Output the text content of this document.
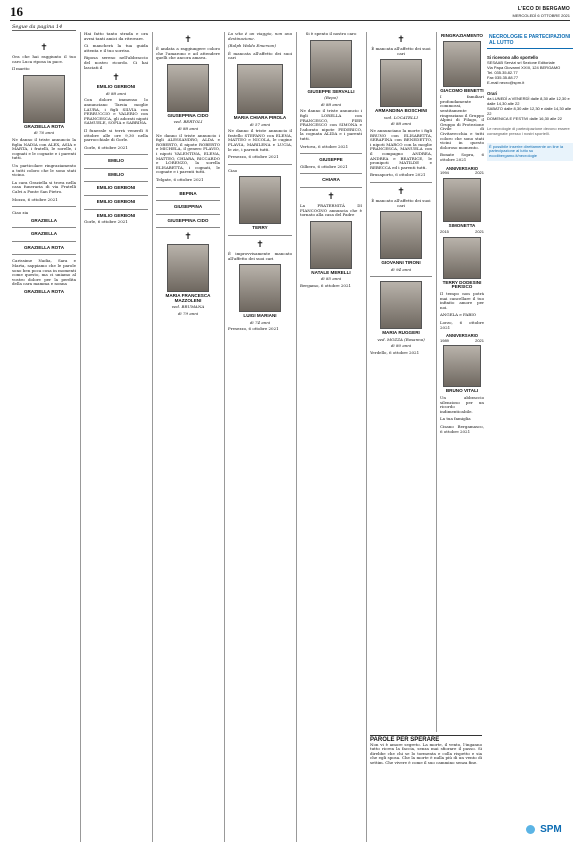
16	L'ECO DI BERGAMO
MERCOLEDÌ 6 OTTOBRE 2021
Segue da pagina 14
✝

Ora che hai raggiunto il tuo caro Luca riposa in pace.

Il marito

GRAZIELLA ROTA
di 76 anni

Ne danno il triste annuncio la figlia NADIA con ALEX, ASIA e MARTA, i fratelli, le sorelle, i cognati e le cognate e i parenti tutti.

Un particolare ringraziamento a tutti coloro che le sono stati vicino.

La cara Graziella si trova nella casa funeraria di via Fratelli Calvi a Ponte San Pietro.

Mozzo, 6 ottobre 2021

Ciao zia

GRAZIELLA
GRAZIELLA
GRAZIELLA ROTA

Carissime Nadia, Sara e Marta, sappiamo che le parole sono ben poca cosa in momenti come questo, ma ci uniamo al vostro dolore per la perdita della cara mamma e nonna

GRAZIELLA ROTA

Hai fatto tanto strada e ora avrai tanti amici da ritrovare.

Ci mancherà la tua guida attenta e il tuo sorriso.

Riposa sereno nell'abbraccio del nostro ricordo. Ci hai lasciati il

✝
EMILIO GERBONI
di 88 anni

Con dolore immenso lo annunciano Tarsia moglie LAURA, i figli SILVIA con FERRUCCIO e VALERIO con FRANCESCA, gli adorati nipoti SAMUELE, SOFIA e SABRINA.

Il funerale si terrà venerdì 8 ottobre alle ore 9,30 nella parrocchiale di Gorle.

Gorle, 6 ottobre 2021

EMILIO
EMILIO
EMILIO GERBONI
EMILIO GERBONI
EMILIO GERBONI

Gorle, 6 ottobre 2021

✝

È andata a raggiungere coloro che l'amarono e ad attendere quelli che ancora amava.

GIUSEPPINA CIDO
ved. BERTOLI
di 88 anni

Ne danno il triste annuncio i figli ALESSANDRO, ALDA e ROBERTO, il nipote ROBERTO e MICHELA, il genero FLAVIO, i nipoti VALENTINA, ELENA, MATTEO, CHIARA, RICCARDO e LORENZO, la sorella ELISABETTA, i cognati, le cognate e i parenti tutti.

Telgate, 6 ottobre 2021

BEPINA
GIUSEPPINA
GIUSEPPINA CIDO
✝
MARIA FRANCESCA MAZZOLENI
ved. BRUMANA
di 79 anni

La vita è un viaggio, non una destinazione.

(Ralph Waldo Emerson)

È mancata all'affetto dei suoi cari

MARIA CHIARA PIROLA
di 57 anni

Ne danno il triste annuncio il fratello STEFANO con ELENA, MATTEO e NICOLA, le cugine FLAVIA, MARILENA e LUCIA, le zie, i parenti tutti.

Presezzo, 6 ottobre 2021

Ciao

TERRY
✝

È improvvisamente mancato all'affetto dei suoi cari

LUIGI MARIANI
di 74 anni

Presezzo, 6 ottobre 2021

Si è spento il nostro caro

GIUSEPPE SERVALLI
(Bepo)
di 88 anni

Ne danno il triste annuncio i figli LORELLA con FRANCESCO, PIER FRANCESCO con SIMONA e l'adorato nipote FEDERICO, la cognata ALIDA e i parenti tutti.

Vertova, 6 ottobre 2021

GIUSEPPE

Gilbero, 6 ottobre 2021

CHIARA
✝

La FRATERNITÀ DI FIANCOGNO annuncia che è tornato alla casa del Padre

NATALE MERELLI
di 85 anni

Bergamo, 6 ottobre 2021

✝

È mancata all'affetto dei suoi cari

ARMANDINA BOSCHINI
ved. LOCATELLI
di 88 anni

Ne annunciano la morte i figli BRUNO con ELISABETTA, SERAFINA con BENEDETTO, i nipoti MARCO con la moglie FRANCESCA, MANUELA con il compagno ANDREA, ANDREA e BEATRICE, le pronipoti MATILDE e REBECCA ed i parenti tutti.

Brusaporto, 6 ottobre 2021

✝

È mancato all'affetto dei suoi cari

GIOVANNI TIRONI
di 94 anni
MARIA RUGGERI
ved. MOZZA (Rosanna)
di 80 anni

Yerdello, 6 ottobre 2021

PAROLE PER SPERARE

Non vi è amore segreto. La morte, il vento, l'inganno tutto ricrea la faccia, senza mai sfiorare il passo. Si direbbe che chi se lo tormenta e colla rispetto e sia che egli sposa. Che la morte è nulla più di un vento di settim. Che vivere è come il suo cammino senza fine.

RINGRAZIAMENTO
GIACOMO BENETTI

I familiari profondamente commossi, sentitamente ringraziano il Gruppo Alpini di Filago, il Gruppo di Protezione Civile di Civitavecchia e tutti coloro che sono stati vicini in questo doloroso momento.

Bonate Sopra, 6 ottobre 2021

ANNIVERSARIO
1994	2021
SIMONETTA
2015	2021
TERRY DODESINI PERSICO

Il tempo non potrà mai cancellare il tuo infinito amore per noi.

ANGELA e FABIO

Lorzo, 6 ottobre 2021

ANNIVERSARIO
1989	2021
BRUNO VITALI

Un abbraccio silenzioso per un ricordo indimenticabile.

La tua famiglia

Cisano Bergamasco, 6 ottobre 2021

NECROLOGIE E PARTECIPAZIONI AL LUTTO
Si ricevono allo sportello
SESAAB Servizi srl Sezione Editoriale
Via Papa Giovanni XXIII, 124 BERGAMO
Tel. 035.35.82.77
Fax 035.35.88.77
E-mail necro@spm.it
Orari
da LUNEDÌ a VENERDÌ dalle 8,30 alle 12,30 e dalle 14,30 alle 22
SABATO dalle 8,30 alle 12,30 e dalle 14,30 alle 22
DOMENICA E FESTIVI dalle 16,30 alle 22
Le necrologie di partecipazione devono essere consegnate presso i nostri sportelli.
È possibile inserire direttamente on line la partecipazione al lutto su ecodibergamo.it/necrologie
SPM
